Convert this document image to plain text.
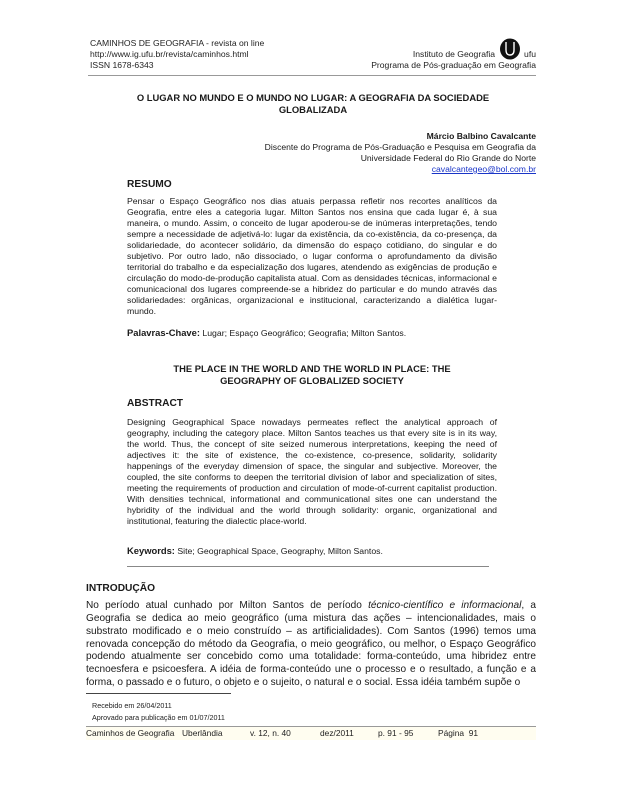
CAMINHOS DE GEOGRAFIA - revista on line
http://www.ig.ufu.br/revista/caminhos.html
ISSN 1678-6343
Instituto de Geografia	ufu
Programa de Pós-graduação em Geografia
O LUGAR NO MUNDO E O MUNDO NO LUGAR: A GEOGRAFIA DA SOCIEDADE
GLOBALIZADA
Márcio Balbino Cavalcante
Discente do Programa de Pós-Graduação e Pesquisa em Geografia da
Universidade Federal do Rio Grande do Norte
cavalcantegeo@bol.com.br
RESUMO
Pensar o Espaço Geográfico nos dias atuais perpassa refletir nos recortes analíticos da Geografia, entre eles a categoria lugar. Milton Santos nos ensina que cada lugar é, à sua maneira, o mundo. Assim, o conceito de lugar apoderou-se de inúmeras interpretações, tendo sempre a necessidade de adjetivá-lo: lugar da existência, da co-existência, da co-presença, da solidariedade, do acontecer solidário, da dimensão do espaço cotidiano, do singular e do subjetivo. Por outro lado, não dissociado, o lugar conforma o aprofundamento da divisão territorial do trabalho e da especialização dos lugares, atendendo as exigências de produção e circulação do modo-de-produção capitalista atual. Com as densidades técnicas, informacional e comunicacional dos lugares compreende-se a hibridez do particular e do mundo através das solidariedades: orgânicas, organizacional e institucional, caracterizando a dialética lugar-mundo.
Palavras-Chave: Lugar; Espaço Geográfico; Geografia; Milton Santos.
THE PLACE IN THE WORLD AND THE WORLD IN PLACE: THE
GEOGRAPHY OF GLOBALIZED SOCIETY
ABSTRACT
Designing Geographical Space nowadays permeates reflect the analytical approach of geography, including the category place. Milton Santos teaches us that every site is in its way, the world. Thus, the concept of site seized numerous interpretations, keeping the need of adjectives it: the site of existence, the co-existence, co-presence, solidarity, solidarity happenings of the everyday dimension of space, the singular and subjective. Moreover, the coupled, the site conforms to deepen the territorial division of labor and specialization of sites, meeting the requirements of production and circulation of mode-of-current capitalist production. With densities technical, informational and communicational sites one can understand the hybridity of the individual and the world through solidarity: organic, organizational and institutional, featuring the dialectic place-world.
Keywords: Site; Geographical Space, Geography, Milton Santos.
INTRODUÇÃO
No período atual cunhado por Milton Santos de período técnico-científico e informacional, a Geografia se dedica ao meio geográfico (uma mistura das ações – intencionalidades, mais o substrato modificado e o meio construído – as artificialidades). Com Santos (1996) temos uma renovada concepção do método da Geografia, o meio geográfico, ou melhor, o Espaço Geográfico podendo atualmente ser concebido como uma totalidade: forma-conteúdo, uma hibridez entre tecnoesfera e psicoesfera. A idéia de forma-conteúdo une o processo e o resultado, a função e a forma, o passado e o futuro, o objeto e o sujeito, o natural e o social. Essa idéia também supõe o
Recebido em 26/04/2011
Aprovado para publicação em 01/07/2011
Caminhos de Geografia Uberlândia	v. 12, n. 40	dez/2011	p. 91 - 95	Página  91
